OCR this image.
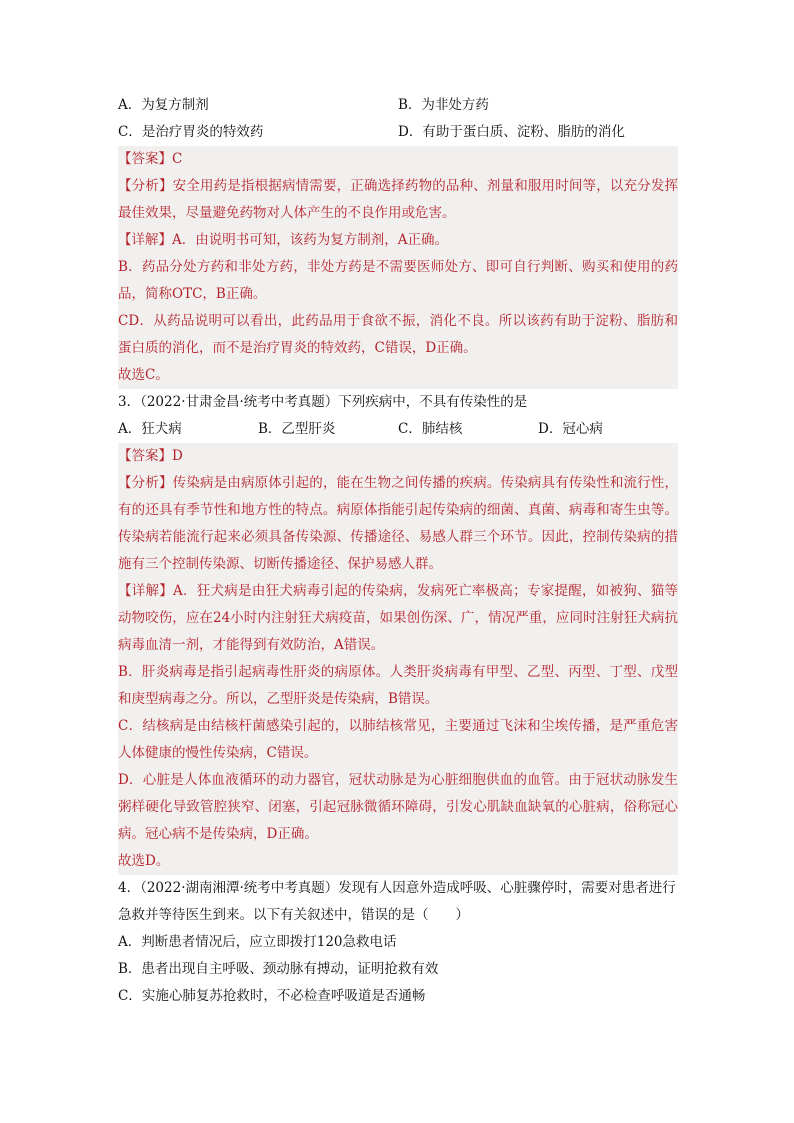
A．为复方制剂	B．为非处方药
C．是治疗胃炎的特效药	D．有助于蛋白质、淀粉、脂肪的消化

【答案】C

【分析】安全用药是指根据病情需要，正确选择药物的品种、剂量和服用时间等，以充分发挥最佳效果，尽量避免药物对人体产生的不良作用或危害。

【详解】A．由说明书可知，该药为复方制剂，A正确。

B．药品分处方药和非处方药，非处方药是不需要医师处方、即可自行判断、购买和使用的药品，简称OTC，B正确。

CD．从药品说明可以看出，此药品用于食欲不振，消化不良。所以该药有助于淀粉、脂肪和蛋白质的消化，而不是治疗胃炎的特效药，C错误，D正确。

故选C。

3．（2022·甘肃金昌·统考中考真题）下列疾病中，不具有传染性的是

A．狂犬病	B．乙型肝炎	C．肺结核	D．冠心病

【答案】D

【分析】传染病是由病原体引起的，能在生物之间传播的疾病。传染病具有传染性和流行性，有的还具有季节性和地方性的特点。病原体指能引起传染病的细菌、真菌、病毒和寄生虫等。传染病若能流行起来必须具备传染源、传播途径、易感人群三个环节。因此，控制传染病的措施有三个控制传染源、切断传播途径、保护易感人群。

【详解】A．狂犬病是由狂犬病毒引起的传染病，发病死亡率极高；专家提醒，如被狗、猫等动物咬伤，应在24小时内注射狂犬病疫苗，如果创伤深、广，情况严重，应同时注射狂犬病抗病毒血清一剂，才能得到有效防治，A错误。

B．肝炎病毒是指引起病毒性肝炎的病原体。人类肝炎病毒有甲型、乙型、丙型、丁型、戊型和庚型病毒之分。所以，乙型肝炎是传染病，B错误。

C．结核病是由结核杆菌感染引起的，以肺结核常见，主要通过飞沫和尘埃传播，是严重危害人体健康的慢性传染病，C错误。

D．心脏是人体血液循环的动力器官，冠状动脉是为心脏细胞供血的血管。由于冠状动脉发生粥样硬化导致管腔狭窄、闭塞，引起冠脉微循环障碍，引发心肌缺血缺氧的心脏病，俗称冠心病。冠心病不是传染病，D正确。

故选D。

4．（2022·湖南湘潭·统考中考真题）发现有人因意外造成呼吸、心脏骤停时，需要对患者进行急救并等待医生到来。以下有关叙述中，错误的是（　　）

A．判断患者情况后，应立即拨打120急救电话

B．患者出现自主呼吸、颈动脉有搏动，证明抢救有效

C．实施心肺复苏抢救时，不必检查呼吸道是否通畅
